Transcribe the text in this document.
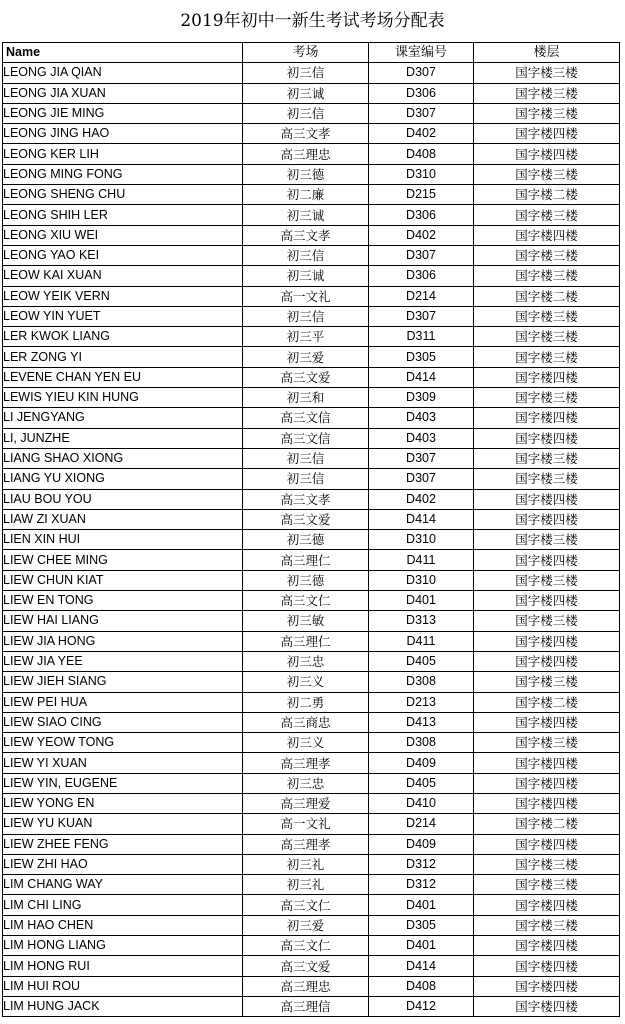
2019年初中一新生考试考场分配表
Name	考场	课室编号	楼层
LEONG JIA QIAN	初三信	D307	国字楼三楼
LEONG JIA XUAN	初三诚	D306	国字楼三楼
LEONG JIE MING	初三信	D307	国字楼三楼
LEONG JING HAO	高三文孝	D402	国字楼四楼
LEONG KER LIH	高三理忠	D408	国字楼四楼
LEONG MING FONG	初三德	D310	国字楼三楼
LEONG SHENG CHU	初二廉	D215	国字楼二楼
LEONG SHIH LER	初三诚	D306	国字楼三楼
LEONG XIU WEI	高三文孝	D402	国字楼四楼
LEONG YAO KEI	初三信	D307	国字楼三楼
LEOW KAI XUAN	初三诚	D306	国字楼三楼
LEOW YEIK VERN	高一文礼	D214	国字楼二楼
LEOW YIN YUET	初三信	D307	国字楼三楼
LER KWOK LIANG	初三平	D311	国字楼三楼
LER ZONG YI	初三爱	D305	国字楼三楼
LEVENE CHAN YEN EU	高三文爱	D414	国字楼四楼
LEWIS YIEU KIN HUNG	初三和	D309	国字楼三楼
LI JENGYANG	高三文信	D403	国字楼四楼
LI, JUNZHE	高三文信	D403	国字楼四楼
LIANG SHAO XIONG	初三信	D307	国字楼三楼
LIANG YU XIONG	初三信	D307	国字楼三楼
LIAU BOU YOU	高三文孝	D402	国字楼四楼
LIAW ZI XUAN	高三文爱	D414	国字楼四楼
LIEN XIN HUI	初三德	D310	国字楼三楼
LIEW CHEE MING	高三理仁	D411	国字楼四楼
LIEW CHUN KIAT	初三德	D310	国字楼三楼
LIEW EN TONG	高三文仁	D401	国字楼四楼
LIEW HAI LIANG	初三敏	D313	国字楼三楼
LIEW JIA HONG	高三理仁	D411	国字楼四楼
LIEW JIA YEE	初三忠	D405	国字楼四楼
LIEW JIEH SIANG	初三义	D308	国字楼三楼
LIEW PEI HUA	初二勇	D213	国字楼二楼
LIEW SIAO CING	高三商忠	D413	国字楼四楼
LIEW YEOW TONG	初三义	D308	国字楼三楼
LIEW YI XUAN	高三理孝	D409	国字楼四楼
LIEW YIN, EUGENE	初三忠	D405	国字楼四楼
LIEW YONG EN	高三理爱	D410	国字楼四楼
LIEW YU KUAN	高一文礼	D214	国字楼二楼
LIEW ZHEE FENG	高三理孝	D409	国字楼四楼
LIEW ZHI HAO	初三礼	D312	国字楼三楼
LIM CHANG WAY	初三礼	D312	国字楼三楼
LIM CHI LING	高三文仁	D401	国字楼四楼
LIM HAO CHEN	初三爱	D305	国字楼三楼
LIM HONG LIANG	高三文仁	D401	国字楼四楼
LIM HONG RUI	高三文爱	D414	国字楼四楼
LIM HUI ROU	高三理忠	D408	国字楼四楼
LIM HUNG JACK	高三理信	D412	国字楼四楼
